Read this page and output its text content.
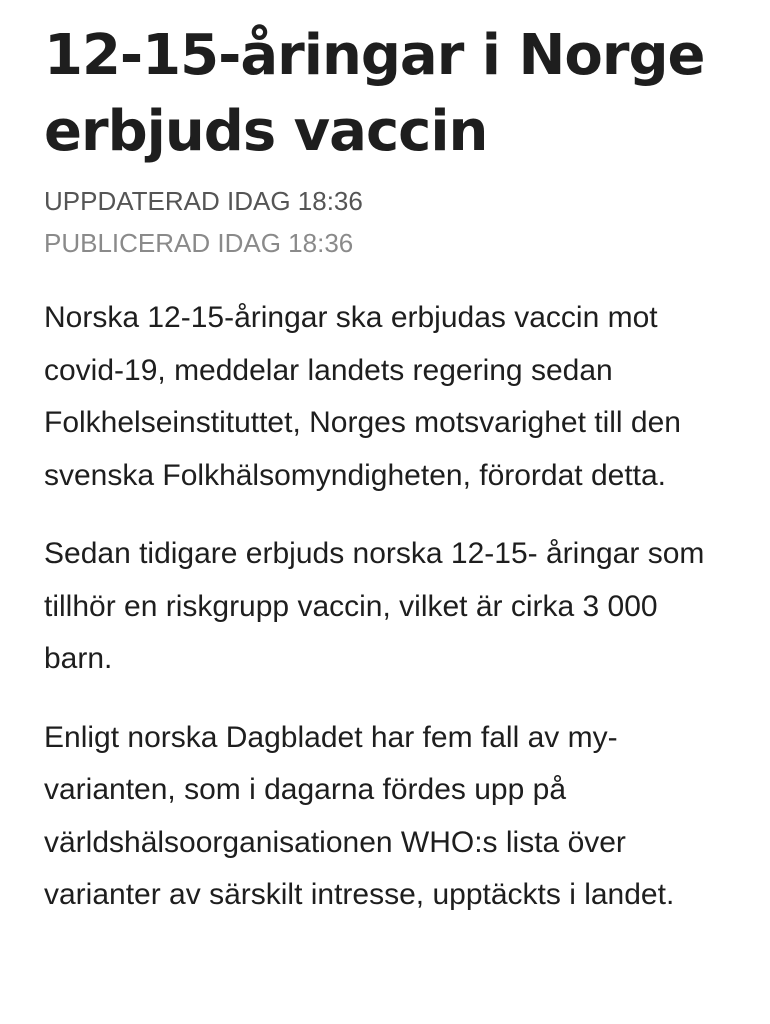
12-15-åringar i Norge erbjuds vaccin
UPPDATERAD IDAG 18:36
PUBLICERAD IDAG 18:36

Norska 12-15-åringar ska erbjudas vaccin mot covid-19, meddelar landets regering sedan Folkhelseinstituttet, Norges motsvarighet till den svenska Folkhälsomyndigheten, förordat detta.

Sedan tidigare erbjuds norska 12-15- åringar som tillhör en riskgrupp vaccin, vilket är cirka 3 000 barn.

Enligt norska Dagbladet har fem fall av my-varianten, som i dagarna fördes upp på världshälsoorganisationen WHO:s lista över varianter av särskilt intresse, upptäckts i landet.
